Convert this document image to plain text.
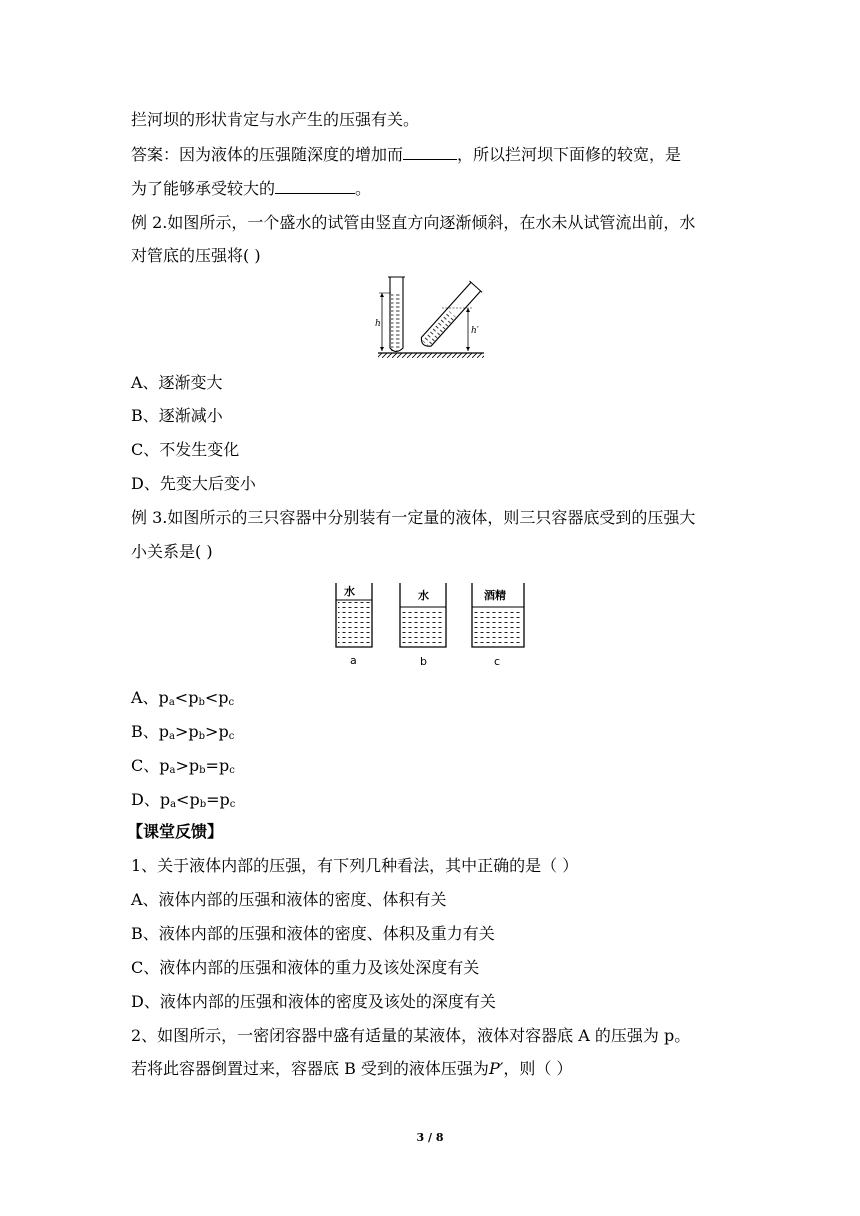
拦河坝的形状肯定与水产生的压强有关。
答案：因为液体的压强随深度的增加而	，所以拦河坝下面修的较宽，是
为了能够承受较大的	。
例 2.如图所示，一个盛水的试管由竖直方向逐渐倾斜，在水未从试管流出前，水
对管底的压强将( )
h
h′
A、逐渐变大
B、逐渐减小
C、不发生变化
D、先变大后变小
例 3.如图所示的三只容器中分别装有一定量的液体，则三只容器底受到的压强大
小关系是( )
水
a
水
b
酒精
c
A、$p_a<p_b<p_c$
B、$p_a>p_b>p_c$
C、$p_a>p_b=p_c$
D、$p_a<p_b=p_c$
【课堂反馈】
1、关于液体内部的压强，有下列几种看法，其中正确的是（ ）
A、液体内部的压强和液体的密度、体积有关
B、液体内部的压强和液体的密度、体积及重力有关
C、液体内部的压强和液体的重力及该处深度有关
D、液体内部的压强和液体的密度及该处的深度有关
2、如图所示，一密闭容器中盛有适量的某液体，液体对容器底 A 的压强为 p。
若将此容器倒置过来，容器底 B 受到的液体压强为P′，则（ ）
3 / 8
